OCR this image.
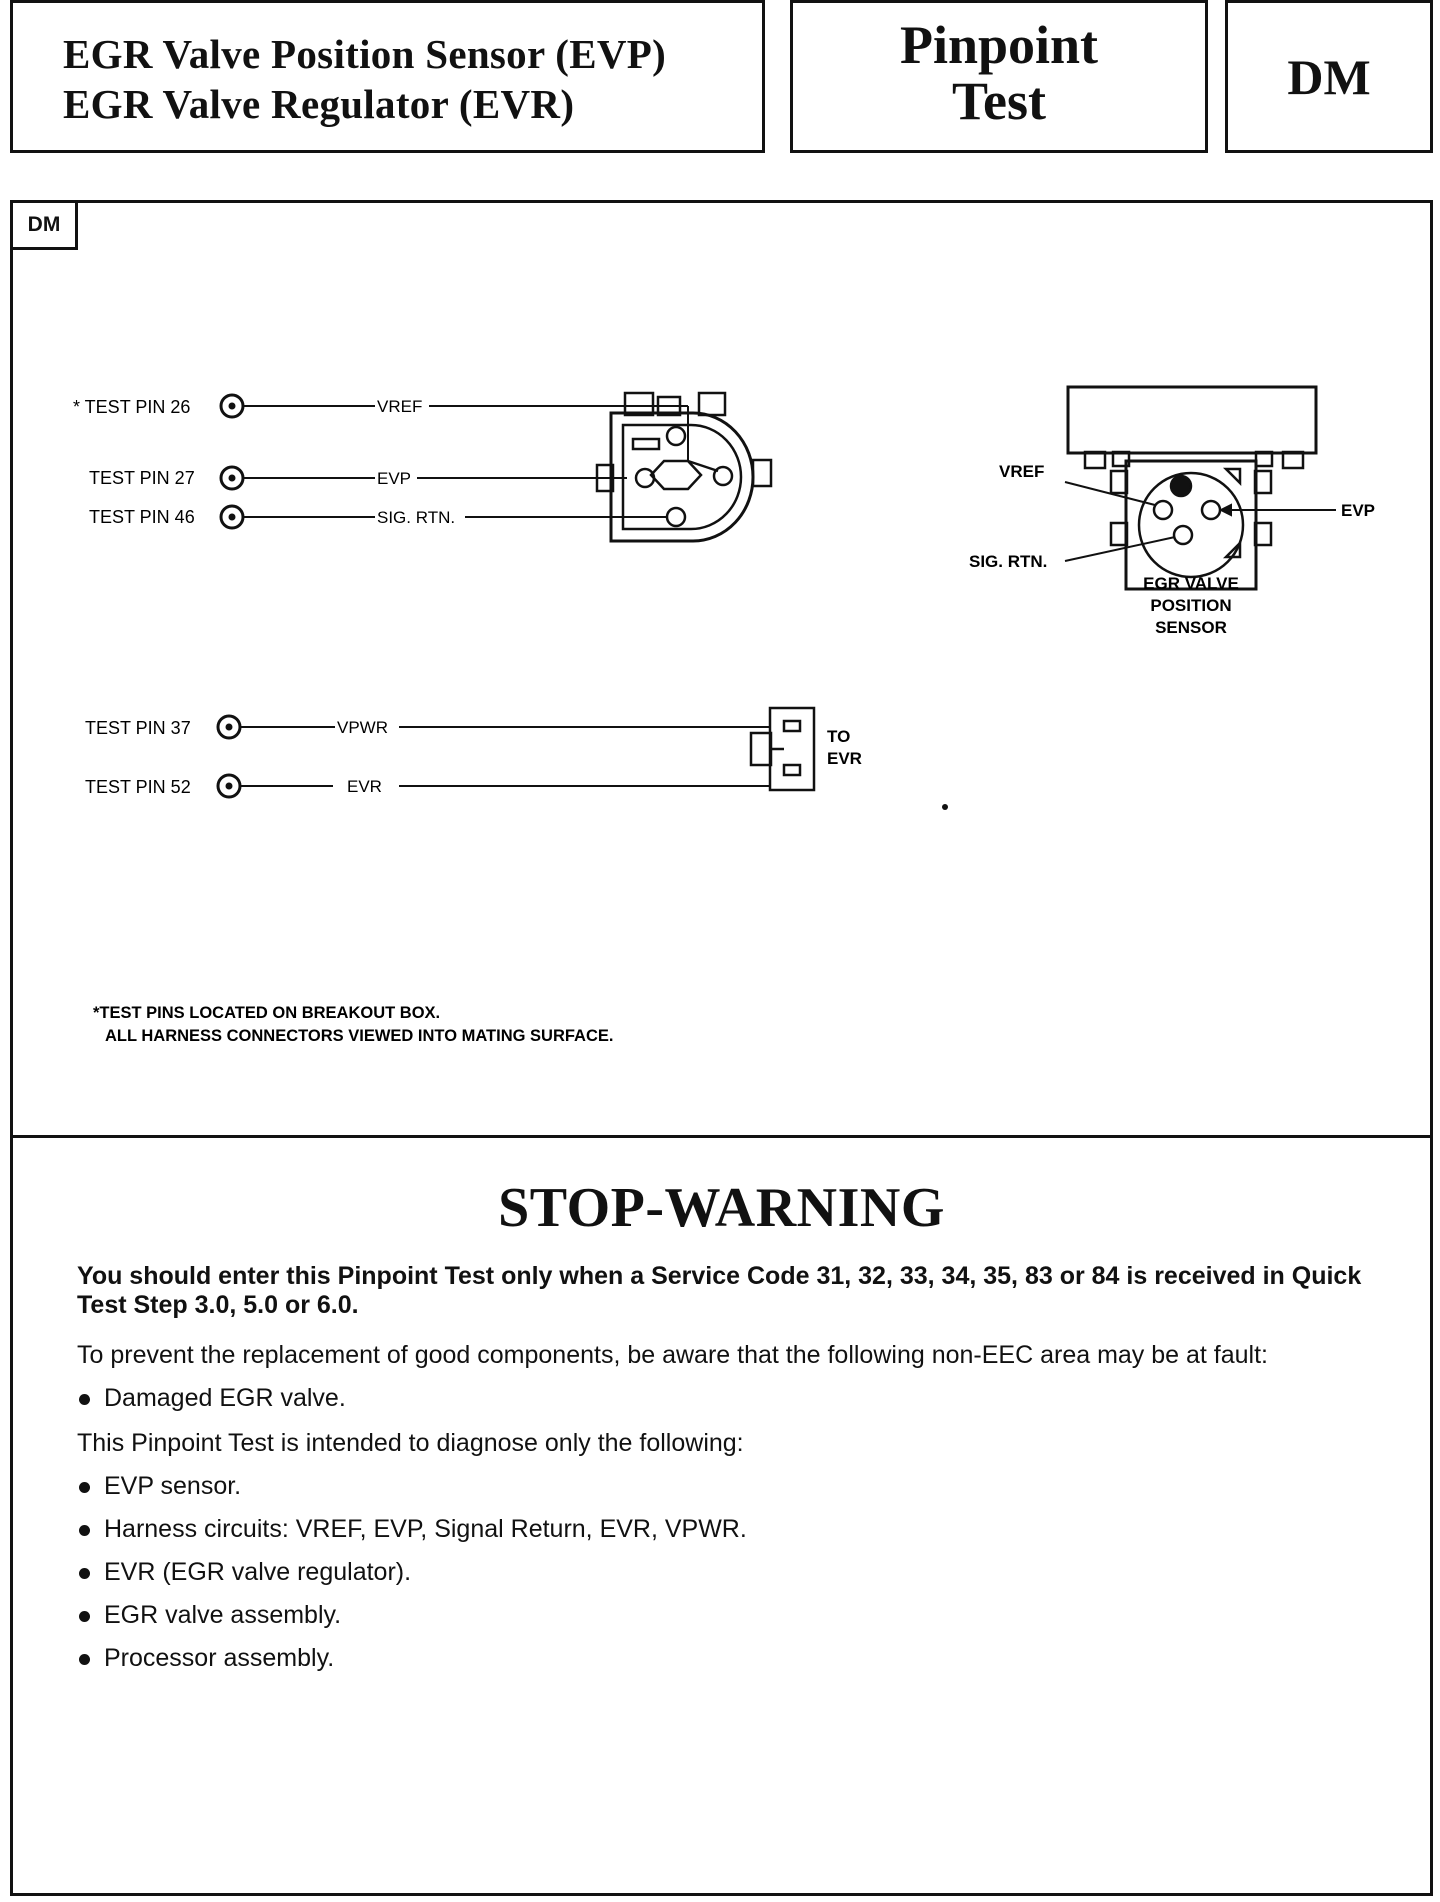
EGR Valve Position Sensor (EVP)
EGR Valve Regulator (EVR)
Pinpoint
Test	DM
DM
* TEST PIN 26	VREF
TEST PIN 27	EVP
TEST PIN 46	SIG. RTN.
TEST PIN 37	VPWR
TEST PIN 52	EVR
TO
EVR
VREF
EVP
SIG. RTN.
EGR VALVE
POSITION
SENSOR
*TEST PINS LOCATED ON BREAKOUT BOX.
ALL HARNESS CONNECTORS VIEWED INTO MATING SURFACE.
STOP-WARNING

You should enter this Pinpoint Test only when a Service Code 31, 32, 33, 34, 35, 83 or 84 is received in Quick Test Step 3.0, 5.0 or 6.0.

To prevent the replacement of good components, be aware that the following non-EEC area may be at fault:

Damaged EGR valve.

This Pinpoint Test is intended to diagnose only the following:

EVP sensor.
Harness circuits: VREF, EVP, Signal Return, EVR, VPWR.
EVR (EGR valve regulator).
EGR valve assembly.
Processor assembly.
